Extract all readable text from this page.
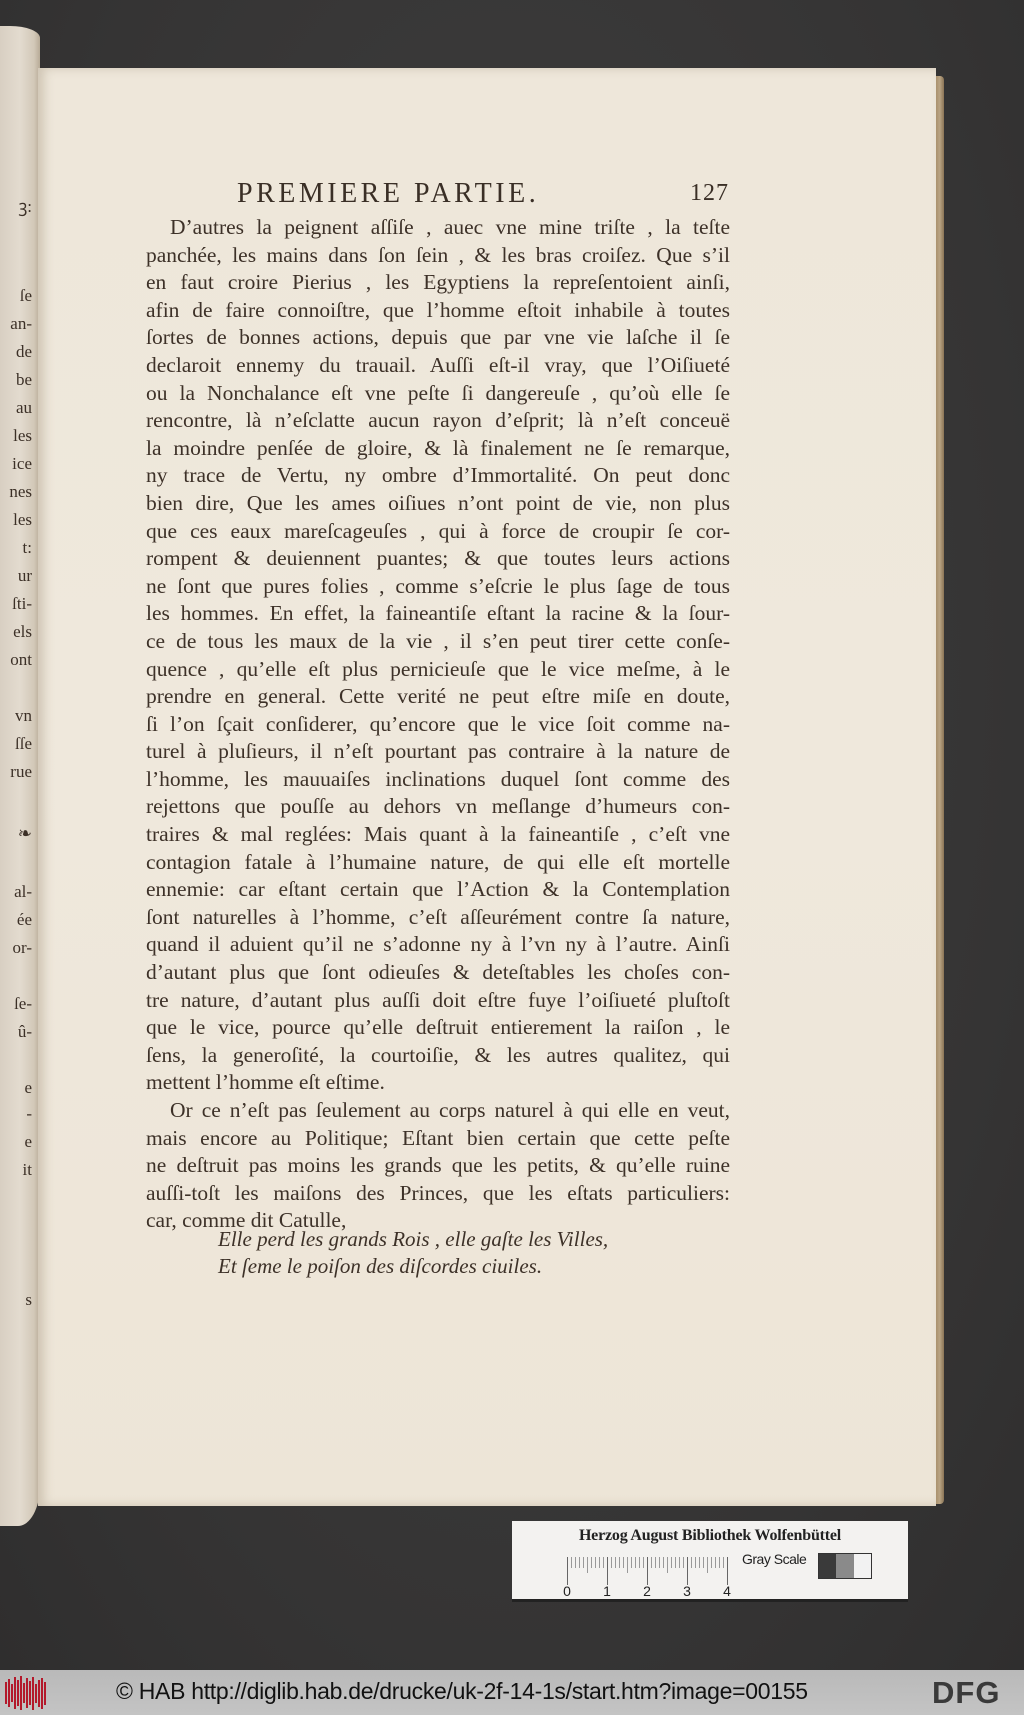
ꝫ:
ſe
an-
de
be
au
les
ice
nes
les
t:
ur
ſti-
els
ont
vn
ſſe
rue
❧
al-
ée
or-
ſe-
û-
e
-
e
it
s
PREMIERE PARTIE.	127
D’autres la peignent aſſiſe , auec vne mine triſte , la teſte
panchée, les mains dans ſon ſein , & les bras croiſez. Que s’il
en faut croire Pierius , les Egyptiens la repreſentoient ainſi,
afin de faire connoiſtre, que l’homme eſtoit inhabile à toutes
ſortes de bonnes actions, depuis que par vne vie laſche il ſe
declaroit ennemy du trauail. Auſſi eſt-il vray, que l’Oiſiueté
ou la Nonchalance eſt vne peſte ſi dangereuſe , qu’où elle ſe
rencontre, là n’eſclatte aucun rayon d’eſprit; là n’eſt conceuë
la moindre penſée de gloire, & là finalement ne ſe remarque,
ny trace de Vertu, ny ombre d’Immortalité. On peut donc
bien dire, Que les ames oiſiues n’ont point de vie, non plus
que ces eaux mareſcageuſes , qui à force de croupir ſe cor-
rompent & deuiennent puantes; & que toutes leurs actions
ne ſont que pures folies , comme s’eſcrie le plus ſage de tous
les hommes. En effet, la faineantiſe eſtant la racine & la ſour-
ce de tous les maux de la vie , il s’en peut tirer cette conſe-
quence , qu’elle eſt plus pernicieuſe que le vice meſme, à le
prendre en general. Cette verité ne peut eſtre miſe en doute,
ſi l’on ſçait conſiderer, qu’encore que le vice ſoit comme na-
turel à pluſieurs, il n’eſt pourtant pas contraire à la nature de
l’homme, les mauuaiſes inclinations duquel ſont comme des
rejettons que pouſſe au dehors vn meſlange d’humeurs con-
traires & mal reglées: Mais quant à la faineantiſe , c’eſt vne
contagion fatale à l’humaine nature, de qui elle eſt mortelle
ennemie: car eſtant certain que l’Action & la Contemplation
ſont naturelles à l’homme, c’eſt aſſeurément contre ſa nature,
quand il aduient qu’il ne s’adonne ny à l’vn ny à l’autre. Ainſi
d’autant plus que ſont odieuſes & deteſtables les choſes con-
tre nature, d’autant plus auſſi doit eſtre fuye l’oiſiueté pluſtoſt
que le vice, pource qu’elle deſtruit entierement la raiſon , le
ſens, la generoſité, la courtoiſie, & les autres qualitez, qui
mettent l’homme eſt eſtime.
Or ce n’eſt pas ſeulement au corps naturel à qui elle en veut,
mais encore au Politique; Eſtant bien certain que cette peſte
ne deſtruit pas moins les grands que les petits, & qu’elle ruine
auſſi-toſt les maiſons des Princes, que les eſtats particuliers:
car, comme dit Catulle,
Elle perd les grands Rois , elle gaſte les Villes,
Et ſeme le poiſon des diſcordes ciuiles.
Herzog August Bibliothek Wolfenbüttel
0 1 2 3 4
Gray Scale
© HAB http://diglib.hab.de/drucke/uk-2f-14-1s/start.htm?image=00155	DFG
